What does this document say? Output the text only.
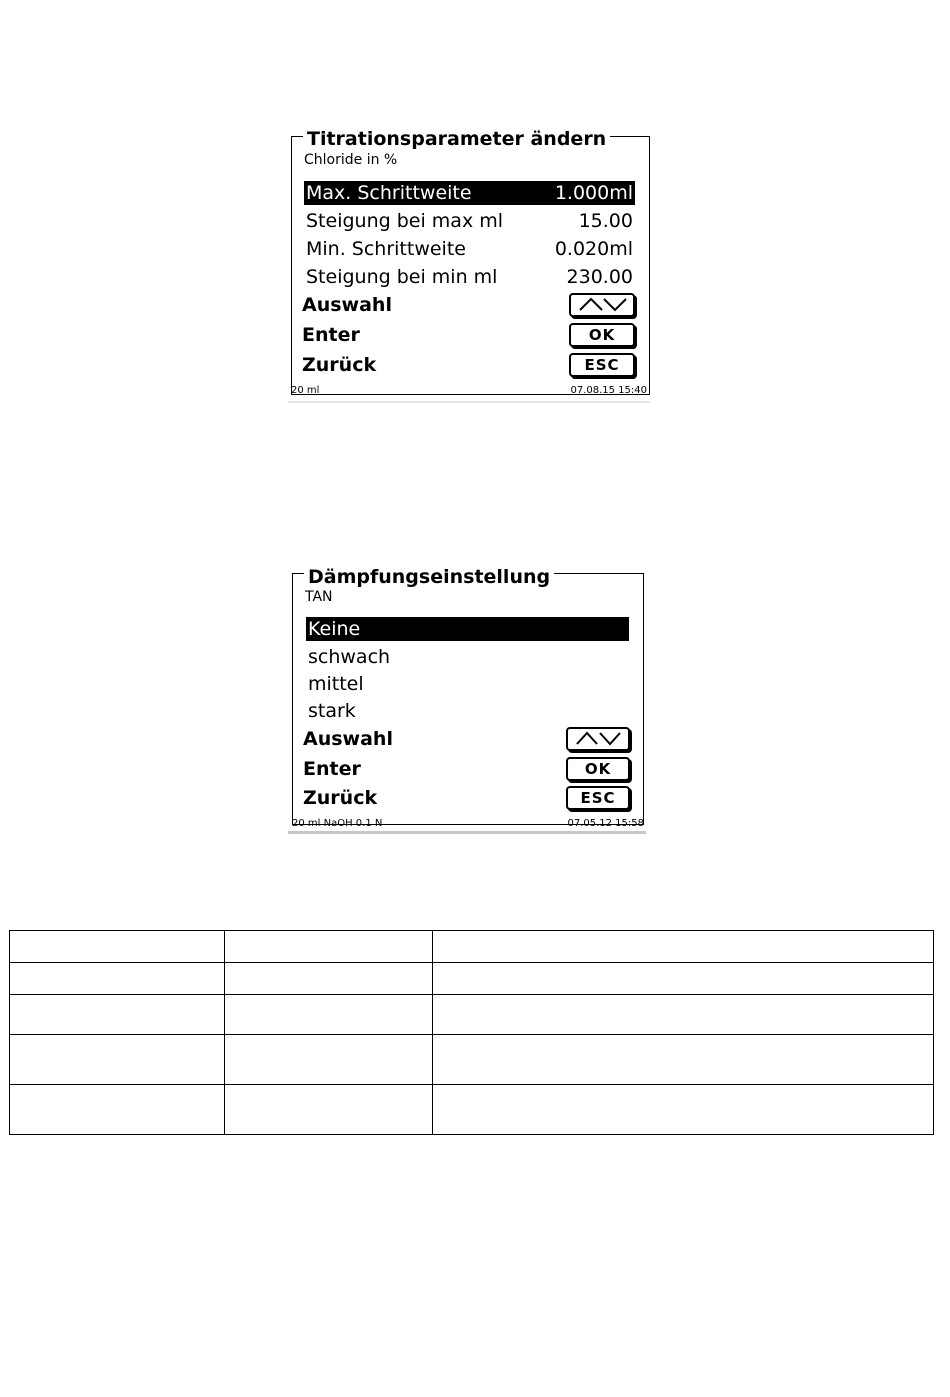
Titrationsparameter ändern
Chloride in %
Max. Schrittweite	1.000ml
Steigung bei max ml	15.00
Min. Schrittweite	0.020ml
Steigung bei min ml	230.00
Auswahl
Enter	OK
Zurück	ESC
20 ml	07.08.15 15:40
Dämpfungseinstellung
TAN
Keine
schwach
mittel
stark
Auswahl
Enter	OK
Zurück	ESC
20 ml NaOH 0.1 N	07.05.12 15:58
